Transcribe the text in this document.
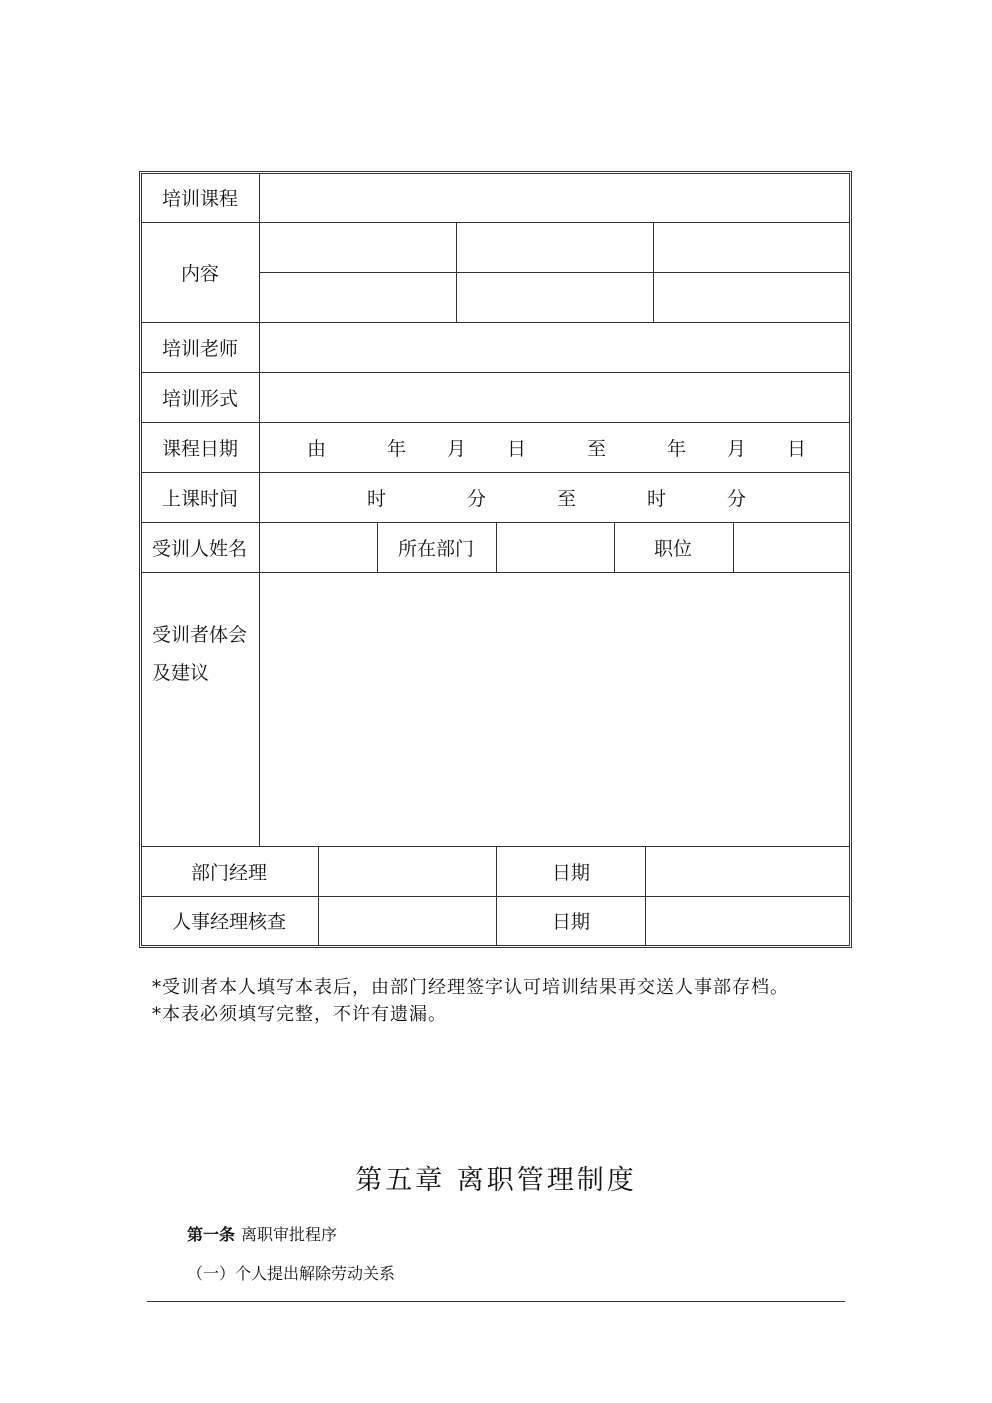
培训课程
内容
培训老师
培训形式
课程日期	由	年 月 日	至	年 月 日
上课时间	时	分	至	时	分
受训人姓名	所在部门	职位
受训者体会
及建议
部门经理	日期
人事经理核查	日期
*受训者本人填写本表后，由部门经理签字认可培训结果再交送人事部存档。
*本表必须填写完整，不许有遗漏。
第五章 离职管理制度
第一条 离职审批程序
（一）个人提出解除劳动关系
